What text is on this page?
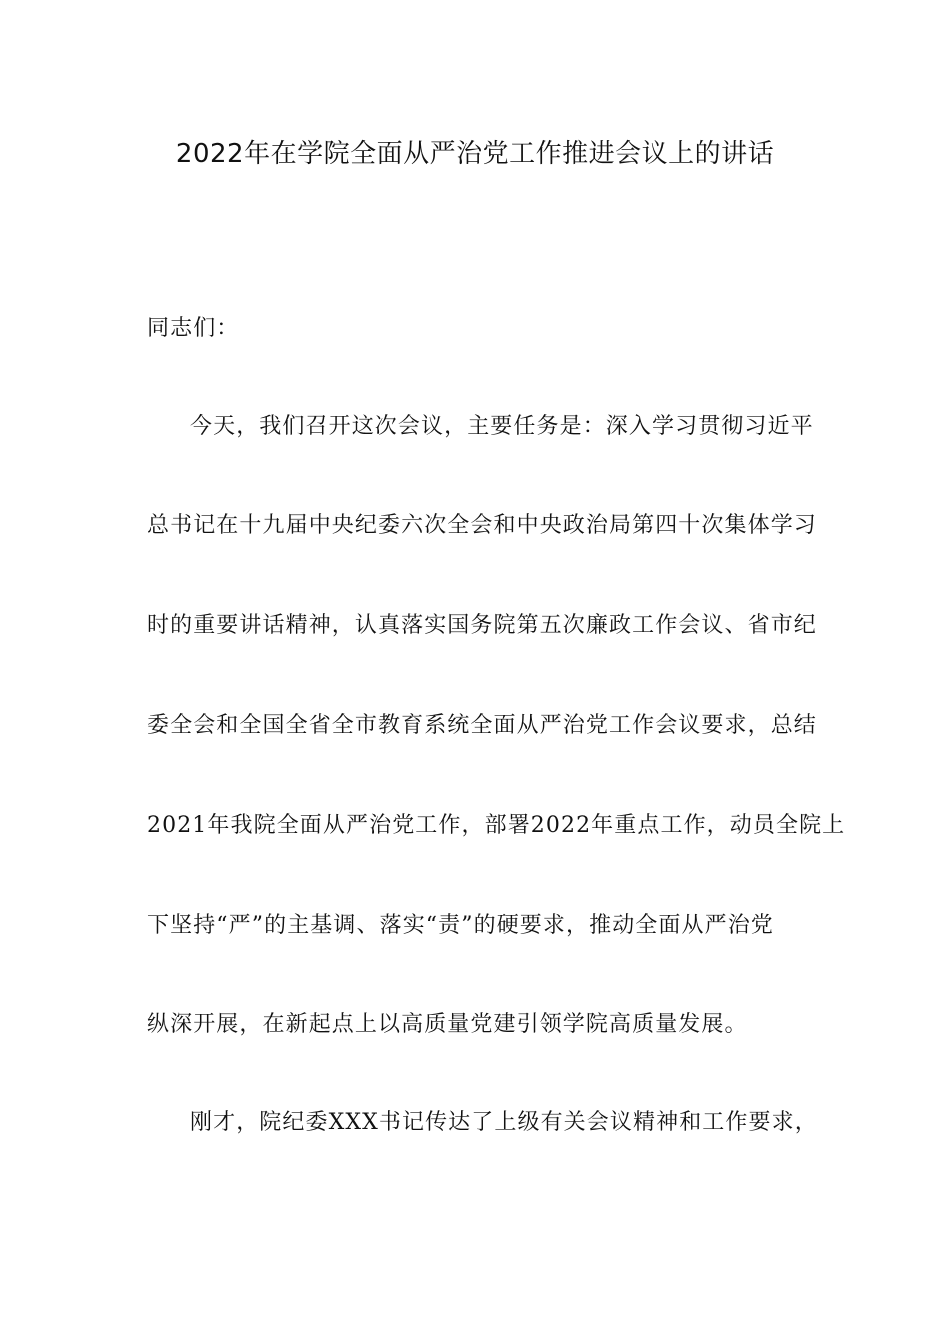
2022年在学院全面从严治党工作推进会议上的讲话
同志们：
今天，我们召开这次会议，主要任务是：深入学习贯彻习近平
总书记在十九届中央纪委六次全会和中央政治局第四十次集体学习
时的重要讲话精神，认真落实国务院第五次廉政工作会议、省市纪
委全会和全国全省全市教育系统全面从严治党工作会议要求，总结
2021年我院全面从严治党工作，部署2022年重点工作，动员全院上
下坚持“严”的主基调、落实“责”的硬要求，推动全面从严治党
纵深开展，在新起点上以高质量党建引领学院高质量发展。
刚才，院纪委XXX书记传达了上级有关会议精神和工作要求，
